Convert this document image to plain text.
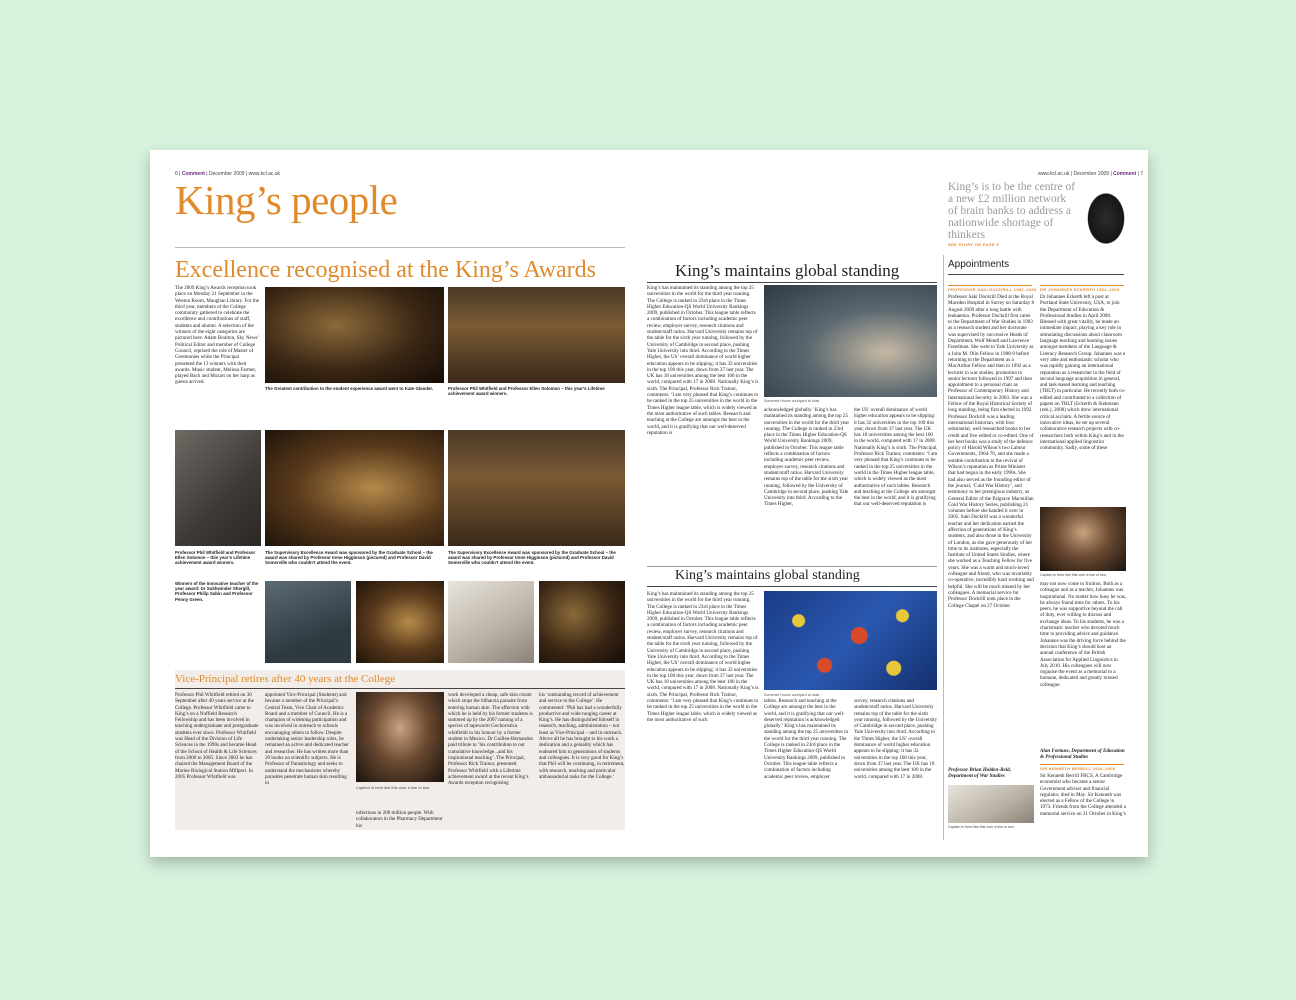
6 | Comment | December 2009 | www.kcl.ac.uk
King’s people
Excellence recognised at the King’s Awards

The 2009 King’s Awards reception took place on Monday 21 September in the Weston Room, Maughan Library. For the third year, members of the College community gathered to celebrate the excellence and contributions of staff, students and alumni. A selection of the winners of the eight categories are pictured here. Adam Boulton, Sky News’ Political Editor and member of College Council, reprised the role of Master of Ceremonies while the Principal presented the 13 winners with their awards. Music student, Melissa Farmer, played Bach and Mozart on her harp as guests arrived.

The Greatest contribution to the student experience award went to Kate Glander.	Professor Phil Whitfield and Professor Ellen Solomon – this year’s Lifetime achievement award winners.
Professor Phil Whitfield and Professor Ellen Solomon – this year’s Lifetime achievement award winners.
The Supervisory Excellence Award was sponsored by the Graduate School – the award was shared by Professor Irene Higginson (pictured) and Professor David Somerville who couldn’t attend the event.
The Supervisory Excellence Award was sponsored by the Graduate School – the award was shared by Professor Irene Higginson (pictured) and Professor David Somerville who couldn’t attend the event.
Winners of the Innovative teacher of the year award: Dr Sukhwinder Shergill, Professor Philip Sabin and Professor Penny Green.
Vice-Principal retires after 40 years at the College

Professor Phil Whitfield retired on 30 September after 40 years service at the College. Professor Whitfield came to King’s on a Nuffield Research Fellowship and has been involved in teaching undergraduate and postgraduate students ever since. Professor Whitfield was Head of the Division of Life Sciences in the 1990s and became Head of the School of Health & Life Sciences from 2000 to 2005. Since 2002 he has chaired the Management Board of the Marine Biological Station Millport. In 2005 Professor Whitfield was

appointed Vice-Principal (Students) and became a member of the Principal’s Central Team, Vice Chair of Academic Board and a member of Council. He is a champion of widening participation and was involved in outreach to schools encouraging others to follow. Despite undertaking senior leadership roles, he remained an active and dedicated teacher and researcher. He has written more than 20 books on scientific subjects. He is Professor of Parasitology and seeks to understand the mechanisms whereby parasites penetrate human skin resulting in

Caption in here like this over a line or two.

infections in 200 million people. With collaborators in the Pharmacy Department his

work developed a cheap, safe skin cream which stops the bilharzia parasite from entering human skin. The affection with which he is held by his former students is summed up by the 2007 naming of a species of tapeworm Gochoristica whitfieldi in his honour by a former student in Mexico. Dr Guillen-Hernandez paid tribute to ‘his contribution to our cumulative knowledge...and his inspirational teaching’. The Principal, Professor Rick Trainor, presented Professor Whitfield with a Lifetime achievement award at the recent King’s Awards reception recognising

his ‘outstanding record of achievement and service to the College’. He commented: ‘Phil has had a wonderfully productive and wide-ranging career at King’s. He has distinguished himself in research, teaching, administration – not least as Vice-Principal – and in outreach. Above all he has brought to his work a dedication and a geniality which has endeared him to generations of students and colleagues. It is very good for King’s that Phil will be continuing, in retirement, with research, teaching and particular ambassadorial tasks for the College.’

www.kcl.ac.uk | December 2009 | Comment | 7
King’s is to be the centre of a new £2 million network of brain banks to address a nationwide shortage of thinkers
SEE STORY ON PAGE 9
King’s maintains global standing

King’s has maintained its standing among the top 25 universities in the world for the third year running. The College is ranked in 23rd place in the Times Higher Education-QS World University Rankings 2009, published in October. This league table reflects a combination of factors including academic peer review, employer survey, research citations and student/staff ratios. Harvard University remains top of the table for the sixth year running, followed by the University of Cambridge in second place, pushing Yale University into third. According to the Times Higher, the US’ overall dominance of world higher education appears to be slipping: it has 32 universities in the top 100 this year, down from 37 last year. The UK has 18 universities among the best 100 in the world, compared with 17 in 2008. Nationally King’s is sixth. The Principal, Professor Rick Trainor, comments: ‘I am very pleased that King’s continues to be ranked in the top 25 universities in the world in the Times Higher league table, which is widely viewed as the most authoritative of such tables. Research and teaching at the College are amongst the best in the world, and it is gratifying that our well-deserved reputation is

Somerset House courtyard at dusk

acknowledged globally.’ King’s has maintained its standing among the top 25 universities in the world for the third year running. The College is ranked in 23rd place in the Times Higher Education-QS World University Rankings 2009, published in October. This league table reflects a combination of factors including academic peer review, employer survey, research citations and student/staff ratios. Harvard University remains top of the table for the sixth year running, followed by the University of Cambridge in second place, pushing Yale University into third. According to the Times Higher,

the US’ overall dominance of world higher education appears to be slipping: it has 32 universities in the top 100 this year, down from 37 last year. The UK has 18 universities among the best 100 in the world, compared with 17 in 2008. Nationally King’s is sixth. The Principal, Professor Rick Trainor, comments: ‘I am very pleased that King’s continues to be ranked in the top 25 universities in the world in the Times Higher league table, which is widely viewed as the most authoritative of such tables. Research and teaching at the College are amongst the best in the world, and it is gratifying that our well-deserved reputation is

King’s maintains global standing

King’s has maintained its standing among the top 25 universities in the world for the third year running. The College is ranked in 23rd place in the Times Higher Education-QS World University Rankings 2009, published in October. This league table reflects a combination of factors including academic peer review, employer survey, research citations and student/staff ratios. Harvard University remains top of the table for the sixth year running, followed by the University of Cambridge in second place, pushing Yale University into third. According to the Times Higher, the US’ overall dominance of world higher education appears to be slipping: it has 32 universities in the top 100 this year, down from 37 last year. The UK has 18 universities among the best 100 in the world, compared with 17 in 2008. Nationally King’s is sixth. The Principal, Professor Rick Trainor, comments: ‘I am very pleased that King’s continues to be ranked in the top 25 universities in the world in the Times Higher league table, which is widely viewed as the most authoritative of such

Somerset House courtyard at dusk

tables. Research and teaching at the College are amongst the best in the world, and it is gratifying that our well-deserved reputation is acknowledged globally.’ King’s has maintained its standing among the top 25 universities in the world for the third year running. The College is ranked in 23rd place in the Times Higher Education-QS World University Rankings 2009, published in October. This league table reflects a combination of factors including academic peer review, employer

survey, research citations and student/staff ratios. Harvard University remains top of the table for the sixth year running, followed by the University of Cambridge in second place, pushing Yale University into third. According to the Times Higher, the US’ overall dominance of world higher education appears to be slipping: it has 32 universities in the top 100 this year, down from 37 last year. The UK has 18 universities among the best 100 in the world, compared with 17 in 2008.

Appointments
PROFESSOR SAKI DOCKRILL 1952–2009

Professor Saki Dockrill Died at the Royal Marsden Hospital in Surrey on Saturday 8 August 2009 after a long battle with leukaemia. Professor Dockrill first came to the Department of War Studies in 1983 as a research student and her doctorate was supervised by successive Heads of Department, Wolf Mendl and Lawrence Freedman. She went to Yale University as a John M. Olin Fellow in 1988-9 before returning to the Department as a MacArthur Fellow and then in 1992 as a lecturer in war studies, promotion to senior lecturer followed in 1997 and then appointment to a personal chair as Professor of Contemporary History and International Security in 2003. She was a Fellow of the Royal Historical Society of long standing, being first elected in 1992. Professor Dockrill was a leading international historian, with four substantial, well researched books to her credit and five edited or co-edited. One of her best books was a study of the defence policy of Harold Wilson’s two Labour Governments, 1964-70, and she made a notable contribution to the revival of Wilson’s reputation as Prime Minister that had begun in the early 1990s. She had also served as the founding editor of the journal, ‘Cold War History’, and testimony to her prestigious industry, as General Editor of the Palgrave Macmillan Cold War History Series, publishing 21 volumes before she handed it over in 2005. Saki Dockrill was a wonderful teacher and her dedication earned the affection of generations of King’s students, and also those in the University of London, as she gave generously of her time to its institutes, especially the Institute of United States Studies, where she worked as a Teaching Fellow for five years. She was a warm and much-loved colleague and friend, who was invariably co-operative, incredibly hard working and helpful. She will be much missed by her colleagues. A memorial service for Professor Dockrill took place in the College Chapel on 27 October.

Professor Brian Holden-Reid, Department of War Studies
Caption in here like this over a line or two.
DR JOHANNES ECKERTH 1963–2009

Dr Johannes Eckerth left a post at Portland State University, USA, to join the Department of Education & Professional Studies in April 2008. Blessed with great vitality, he made an immediate impact, playing a key role in stimulating discussions about classroom language teaching and learning issues amongst members of the Language & Literacy Research Group. Johannes was a very able and enthusiastic scholar who was rapidly gaining an international reputation as a researcher in the field of second language acquisition in general, and task-based learning and teaching (TBLT) in particular. He recently both co-edited and contributed to a collection of papers on TBLT (Eckerth & Siekmann (eds.), 2008) which drew international critical acclaim. A fertile source of innovative ideas, he set up several collaborative research projects with co-researchers both within King’s and in the international applied linguistics community. Sadly, some of these

Caption in here like this over a line or two.

may not now come to fruition. Both as a colleague and as a teacher, Johannes was inspirational. No matter how busy he was, he always found time for others. To his peers, he was supportive beyond the call of duty, ever willing to discuss and exchange ideas. To his students, he was a charismatic teacher who devoted much time to providing advice and guidance. Johannes was the driving force behind the decision that King’s should host an annual conference of the British Association for Applied Linguistics in July 2010. His colleagues will now organise the event as a memorial to a humane, dedicated and greatly missed colleague.

Alan Fortune, Department of Education & Professional Studies
SIR KENNETH BERRILL 1920–2009

Sir Kenneth Berrill FRCS, A Cambridge economist who became a senior Government adviser and financial regulator, died in May. Sir Kenneth was elected as a Fellow of the College in 1973. Friends from the College attended a memorial service on 31 October in King’s
